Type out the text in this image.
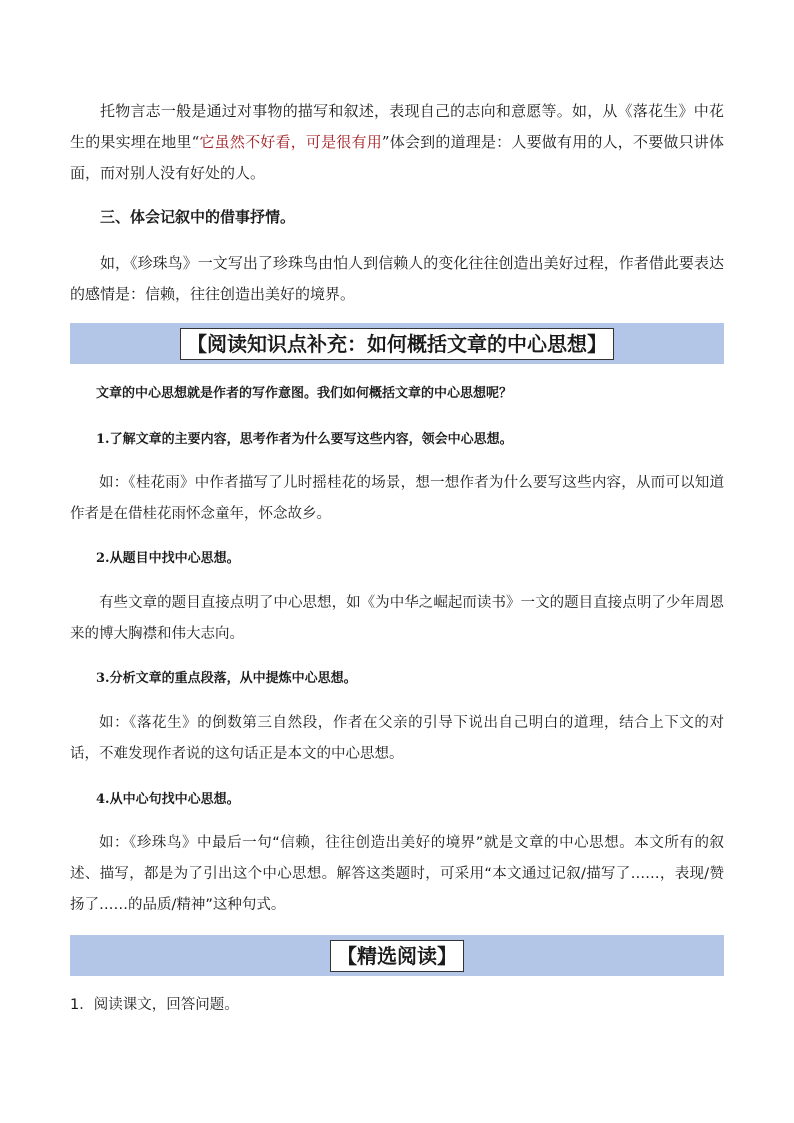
托物言志一般是通过对事物的描写和叙述，表现自己的志向和意愿等。如，从《落花生》中花生的果实埋在地里“它虽然不好看，可是很有用”体会到的道理是：人要做有用的人，不要做只讲体面，而对别人没有好处的人。

三、体会记叙中的借事抒情。

如，《珍珠鸟》一文写出了珍珠鸟由怕人到信赖人的变化往往创造出美好过程，作者借此要表达的感情是：信赖，往往创造出美好的境界。

【阅读知识点补充：如何概括文章的中心思想】

文章的中心思想就是作者的写作意图。我们如何概括文章的中心思想呢？

1.了解文章的主要内容，思考作者为什么要写这些内容，领会中心思想。

如：《桂花雨》中作者描写了儿时摇桂花的场景，想一想作者为什么要写这些内容，从而可以知道作者是在借桂花雨怀念童年，怀念故乡。

2.从题目中找中心思想。

有些文章的题目直接点明了中心思想，如《为中华之崛起而读书》一文的题目直接点明了少年周恩来的博大胸襟和伟大志向。

3.分析文章的重点段落，从中提炼中心思想。

如：《落花生》的倒数第三自然段，作者在父亲的引导下说出自己明白的道理，结合上下文的对话，不难发现作者说的这句话正是本文的中心思想。

4.从中心句找中心思想。

如：《珍珠鸟》中最后一句“信赖，往往创造出美好的境界”就是文章的中心思想。本文所有的叙述、描写，都是为了引出这个中心思想。解答这类题时，可采用“本文通过记叙/描写了……，表现/赞扬了……的品质/精神”这种句式。

【精选阅读】

1．阅读课文，回答问题。
